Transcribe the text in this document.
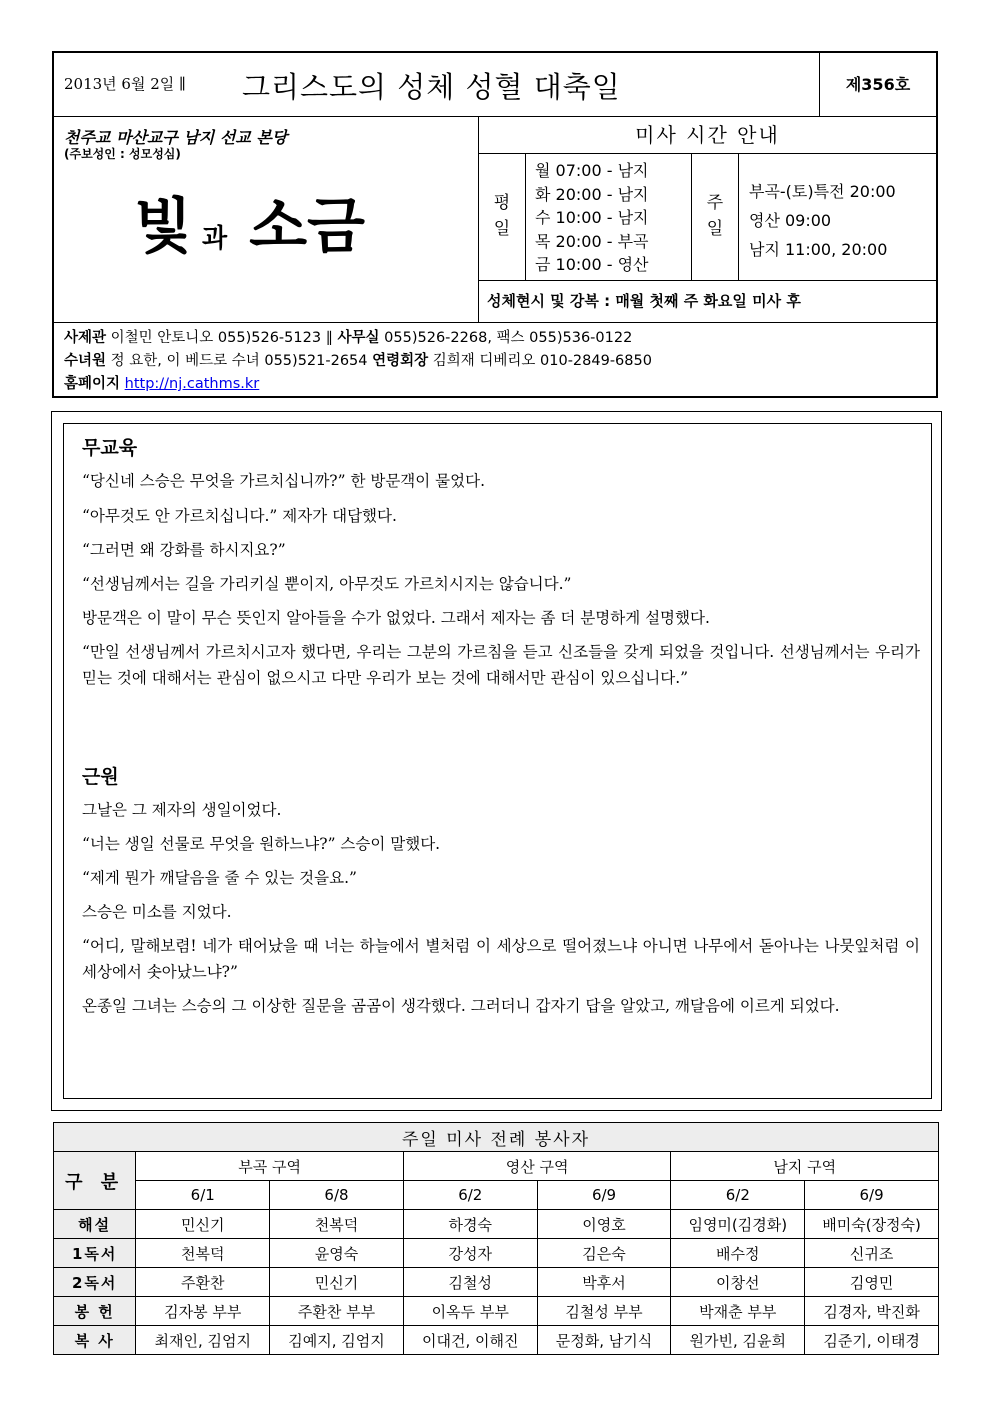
2013년 6월 2일 ∥ 그리스도의 성체 성혈 대축일	제356호
천주교 마산교구 남지 선교 본당
(주보성인 : 성모성심)
빛과 소금
미사 시간 안내
평
일
월 07:00 - 남지
화 20:00 - 남지
수 10:00 - 남지
목 20:00 - 부곡
금 10:00 - 영산
주
일
부곡-(토)특전 20:00
영산 09:00
남지 11:00, 20:00
성체현시 및 강복 : 매월 첫째 주 화요일 미사 후
사제관 이철민 안토니오 055)526-5123 ∥ 사무실 055)526-2268, 팩스 055)536-0122
수녀원 정 요한, 이 베드로 수녀 055)521-2654 연령회장 김희재 디베리오 010-2849-6850
홈페이지 http://nj.cathms.kr
무교육
“당신네 스승은 무엇을 가르치십니까?” 한 방문객이 물었다.
“아무것도 안 가르치십니다.” 제자가 대답했다.
“그러면 왜 강화를 하시지요?”
“선생님께서는 길을 가리키실 뿐이지, 아무것도 가르치시지는 않습니다.”
방문객은 이 말이 무슨 뜻인지 알아들을 수가 없었다. 그래서 제자는 좀 더 분명하게 설명했다.
“만일 선생님께서 가르치시고자 했다면, 우리는 그분의 가르침을 듣고 신조들을 갖게 되었을 것입니다. 선생님께서는 우리가 믿는 것에 대해서는 관심이 없으시고 다만 우리가 보는 것에 대해서만 관심이 있으십니다.”
근원
그날은 그 제자의 생일이었다.
“너는 생일 선물로 무엇을 원하느냐?” 스승이 말했다.
“제게 뭔가 깨달음을 줄 수 있는 것을요.”
스승은 미소를 지었다.
“어디, 말해보렴! 네가 태어났을 때 너는 하늘에서 별처럼 이 세상으로 떨어졌느냐 아니면 나무에서 돋아나는 나뭇잎처럼 이 세상에서 솟아났느냐?”
온종일 그녀는 스승의 그 이상한 질문을 곰곰이 생각했다. 그러더니 갑자기 답을 알았고, 깨달음에 이르게 되었다.
주일 미사 전례 봉사자						
구 분	부곡 구역		영산 구역		남지 구역	
	6/1	6/8	6/2	6/9	6/2	6/9
해설	민신기	천복덕	하경숙	이영호	임영미(김경화)	배미숙(장정숙)
1독서	천복덕	윤영숙	강성자	김은숙	배수정	신귀조
2독서	주환찬	민신기	김철성	박후서	이창선	김영민
봉 헌	김자봉 부부	주환찬 부부	이옥두 부부	김철성 부부	박재춘 부부	김경자, 박진화
복 사	최재인, 김엄지	김예지, 김엄지	이대건, 이해진	문정화, 남기식	원가빈, 김윤희	김준기, 이태경
